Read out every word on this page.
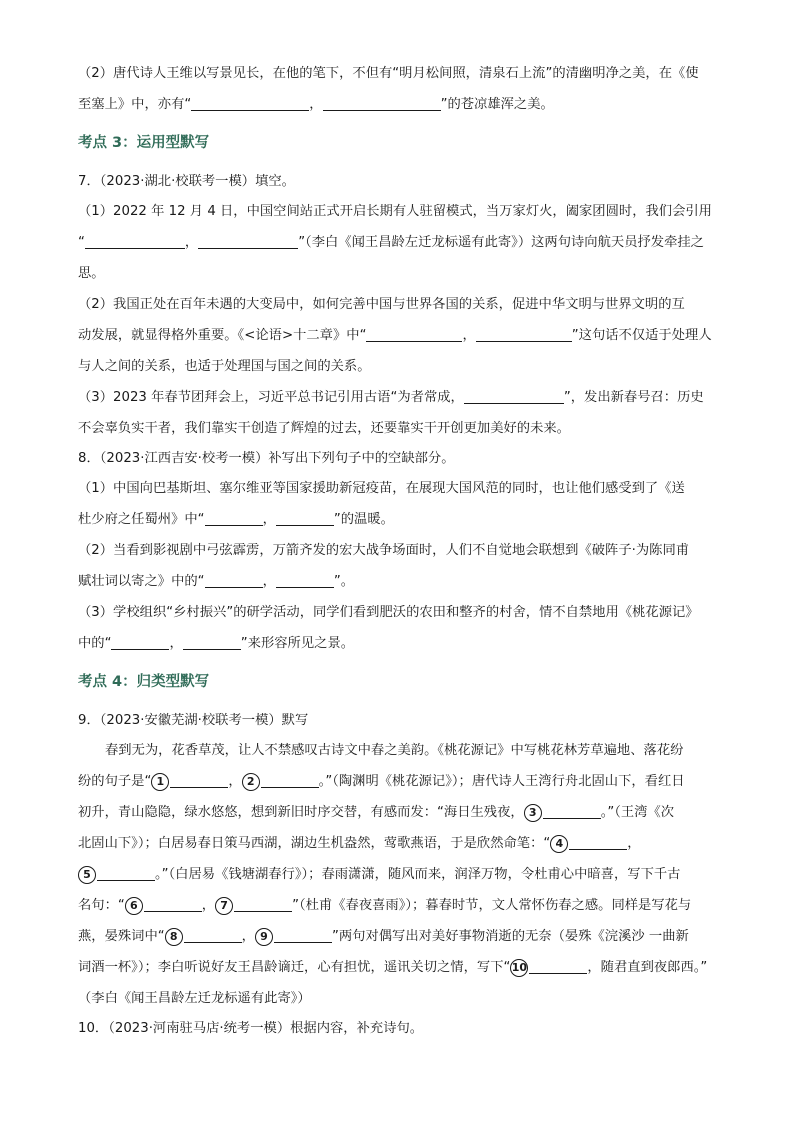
（2）唐代诗人王维以写景见长，在他的笔下，不但有“明月松间照，清泉石上流”的清幽明净之美，在《使

至塞上》中，亦有“	，	”的苍凉雄浑之美。

考点 3：运用型默写

7．（2023·湖北·校联考一模）填空。

（1）2022 年 12 月 4 日，中国空间站正式开启长期有人驻留模式，当万家灯火，阖家团圆时，我们会引用

“	，	”（李白《闻王昌龄左迁龙标遥有此寄》）这两句诗向航天员抒发牵挂之

思。

（2）我国正处在百年未遇的大变局中，如何完善中国与世界各国的关系，促进中华文明与世界文明的互

动发展，就显得格外重要。《<论语>十二章》中“	，	”这句话不仅适于处理人

与人之间的关系，也适于处理国与国之间的关系。

（3）2023 年春节团拜会上，习近平总书记引用古语“为者常成，	”，发出新春号召：历史

不会辜负实干者，我们靠实干创造了辉煌的过去，还要靠实干开创更加美好的未来。

8．（2023·江西吉安·校考一模）补写出下列句子中的空缺部分。

（1）中国向巴基斯坦、塞尔维亚等国家援助新冠疫苗，在展现大国风范的同时，也让他们感受到了《送

杜少府之任蜀州》中“	，	”的温暖。

（2）当看到影视剧中弓弦霹雳，万箭齐发的宏大战争场面时，人们不自觉地会联想到《破阵子·为陈同甫

赋壮词以寄之》中的“	，	”。

（3）学校组织“乡村振兴”的研学活动，同学们看到肥沃的农田和整齐的村舍，情不自禁地用《桃花源记》

中的“	，	”来形容所见之景。

考点 4：归类型默写

9．（2023·安徽芜湖·校联考一模）默写

春到无为，花香草茂，让人不禁感叹古诗文中春之美韵。《桃花源记》中写桃花林芳草遍地、落花纷

纷的句子是“ 1	， 2	。”（陶渊明《桃花源记》）；唐代诗人王湾行舟北固山下，看红日

初升，青山隐隐，绿水悠悠，想到新旧时序交替，有感而发：“海日生残夜， 3	。”（王湾《次

北固山下》）；白居易春日策马西湖，湖边生机盎然，莺歌燕语，于是欣然命笔：“ 4	，

5	。”（白居易《钱塘湖春行》）；春雨潇潇，随风而来，润泽万物，令杜甫心中暗喜，写下千古

名句：“ 6	， 7	”（杜甫《春夜喜雨》）；暮春时节，文人常怀伤春之感。同样是写花与

燕，晏殊词中“ 8	， 9	”两句对偶写出对美好事物消逝的无奈（晏殊《浣溪沙 一曲新

词酒一杯》）；李白听说好友王昌龄谪迁，心有担忧，遥讯关切之情，写下“10	，随君直到夜郎西。”

（李白《闻王昌龄左迁龙标遥有此寄》）

10．（2023·河南驻马店·统考一模）根据内容，补充诗句。
